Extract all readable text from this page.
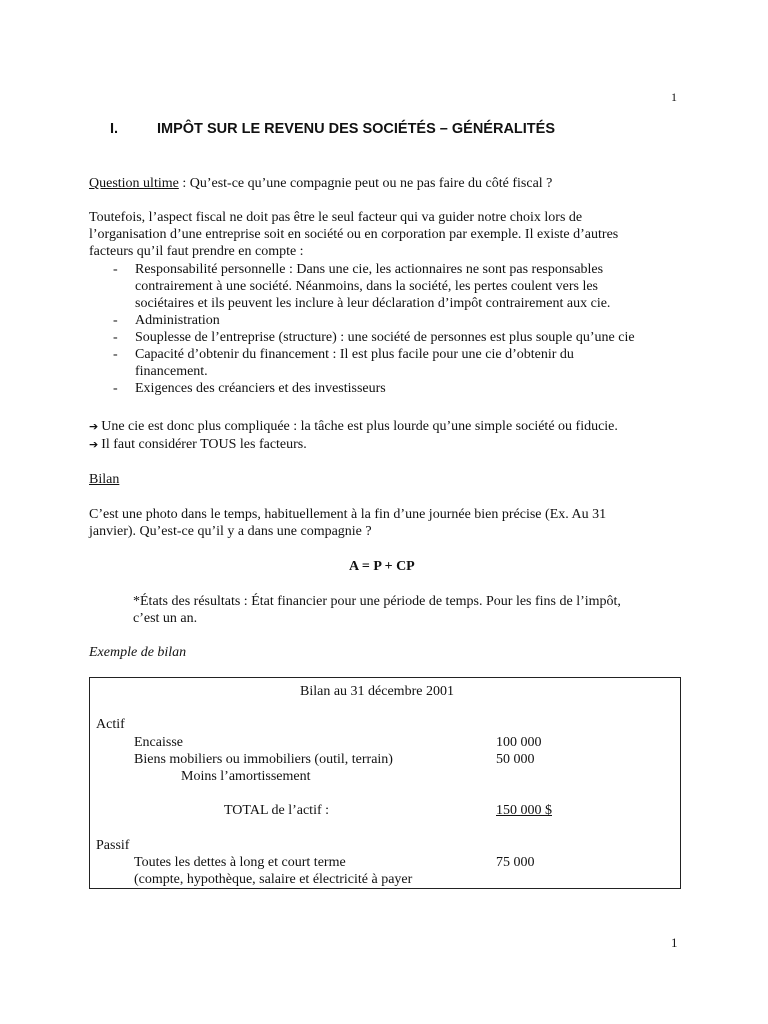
1
I.	IMPÔT SUR LE REVENU DES SOCIÉTÉS – GÉNÉRALITÉS
Question ultime : Qu’est-ce qu’une compagnie peut ou ne pas faire du côté fiscal ?
Toutefois, l’aspect fiscal ne doit pas être le seul facteur qui va guider notre choix lors de
l’organisation d’une entreprise soit en société ou en corporation par exemple. Il existe d’autres
facteurs qu’il faut prendre en compte :
- Responsabilité personnelle : Dans une cie, les actionnaires ne sont pas responsables
contrairement à une société. Néanmoins, dans la société, les pertes coulent vers les
sociétaires et ils peuvent les inclure à leur déclaration d’impôt contrairement aux cie.
- Administration
- Souplesse de l’entreprise (structure) : une société de personnes est plus souple qu’une cie
- Capacité d’obtenir du financement : Il est plus facile pour une cie d’obtenir du
financement.
- Exigences des créanciers et des investisseurs
➔ Une cie est donc plus compliquée : la tâche est plus lourde qu’une simple société ou fiducie.
➔ Il faut considérer TOUS les facteurs.
Bilan
C’est une photo dans le temps, habituellement à la fin d’une journée bien précise (Ex. Au 31
janvier). Qu’est-ce qu’il y a dans une compagnie ?
A = P + CP
*États des résultats : État financier pour une période de temps. Pour les fins de l’impôt,
c’est un an.
Exemple de bilan
Bilan au 31 décembre 2001
Actif
Encaisse	100 000
Biens mobiliers ou immobiliers (outil, terrain)	50 000
Moins l’amortissement
TOTAL de l’actif :	150 000 $
Passif
Toutes les dettes à long et court terme	75 000
(compte, hypothèque, salaire et électricité à payer
1
